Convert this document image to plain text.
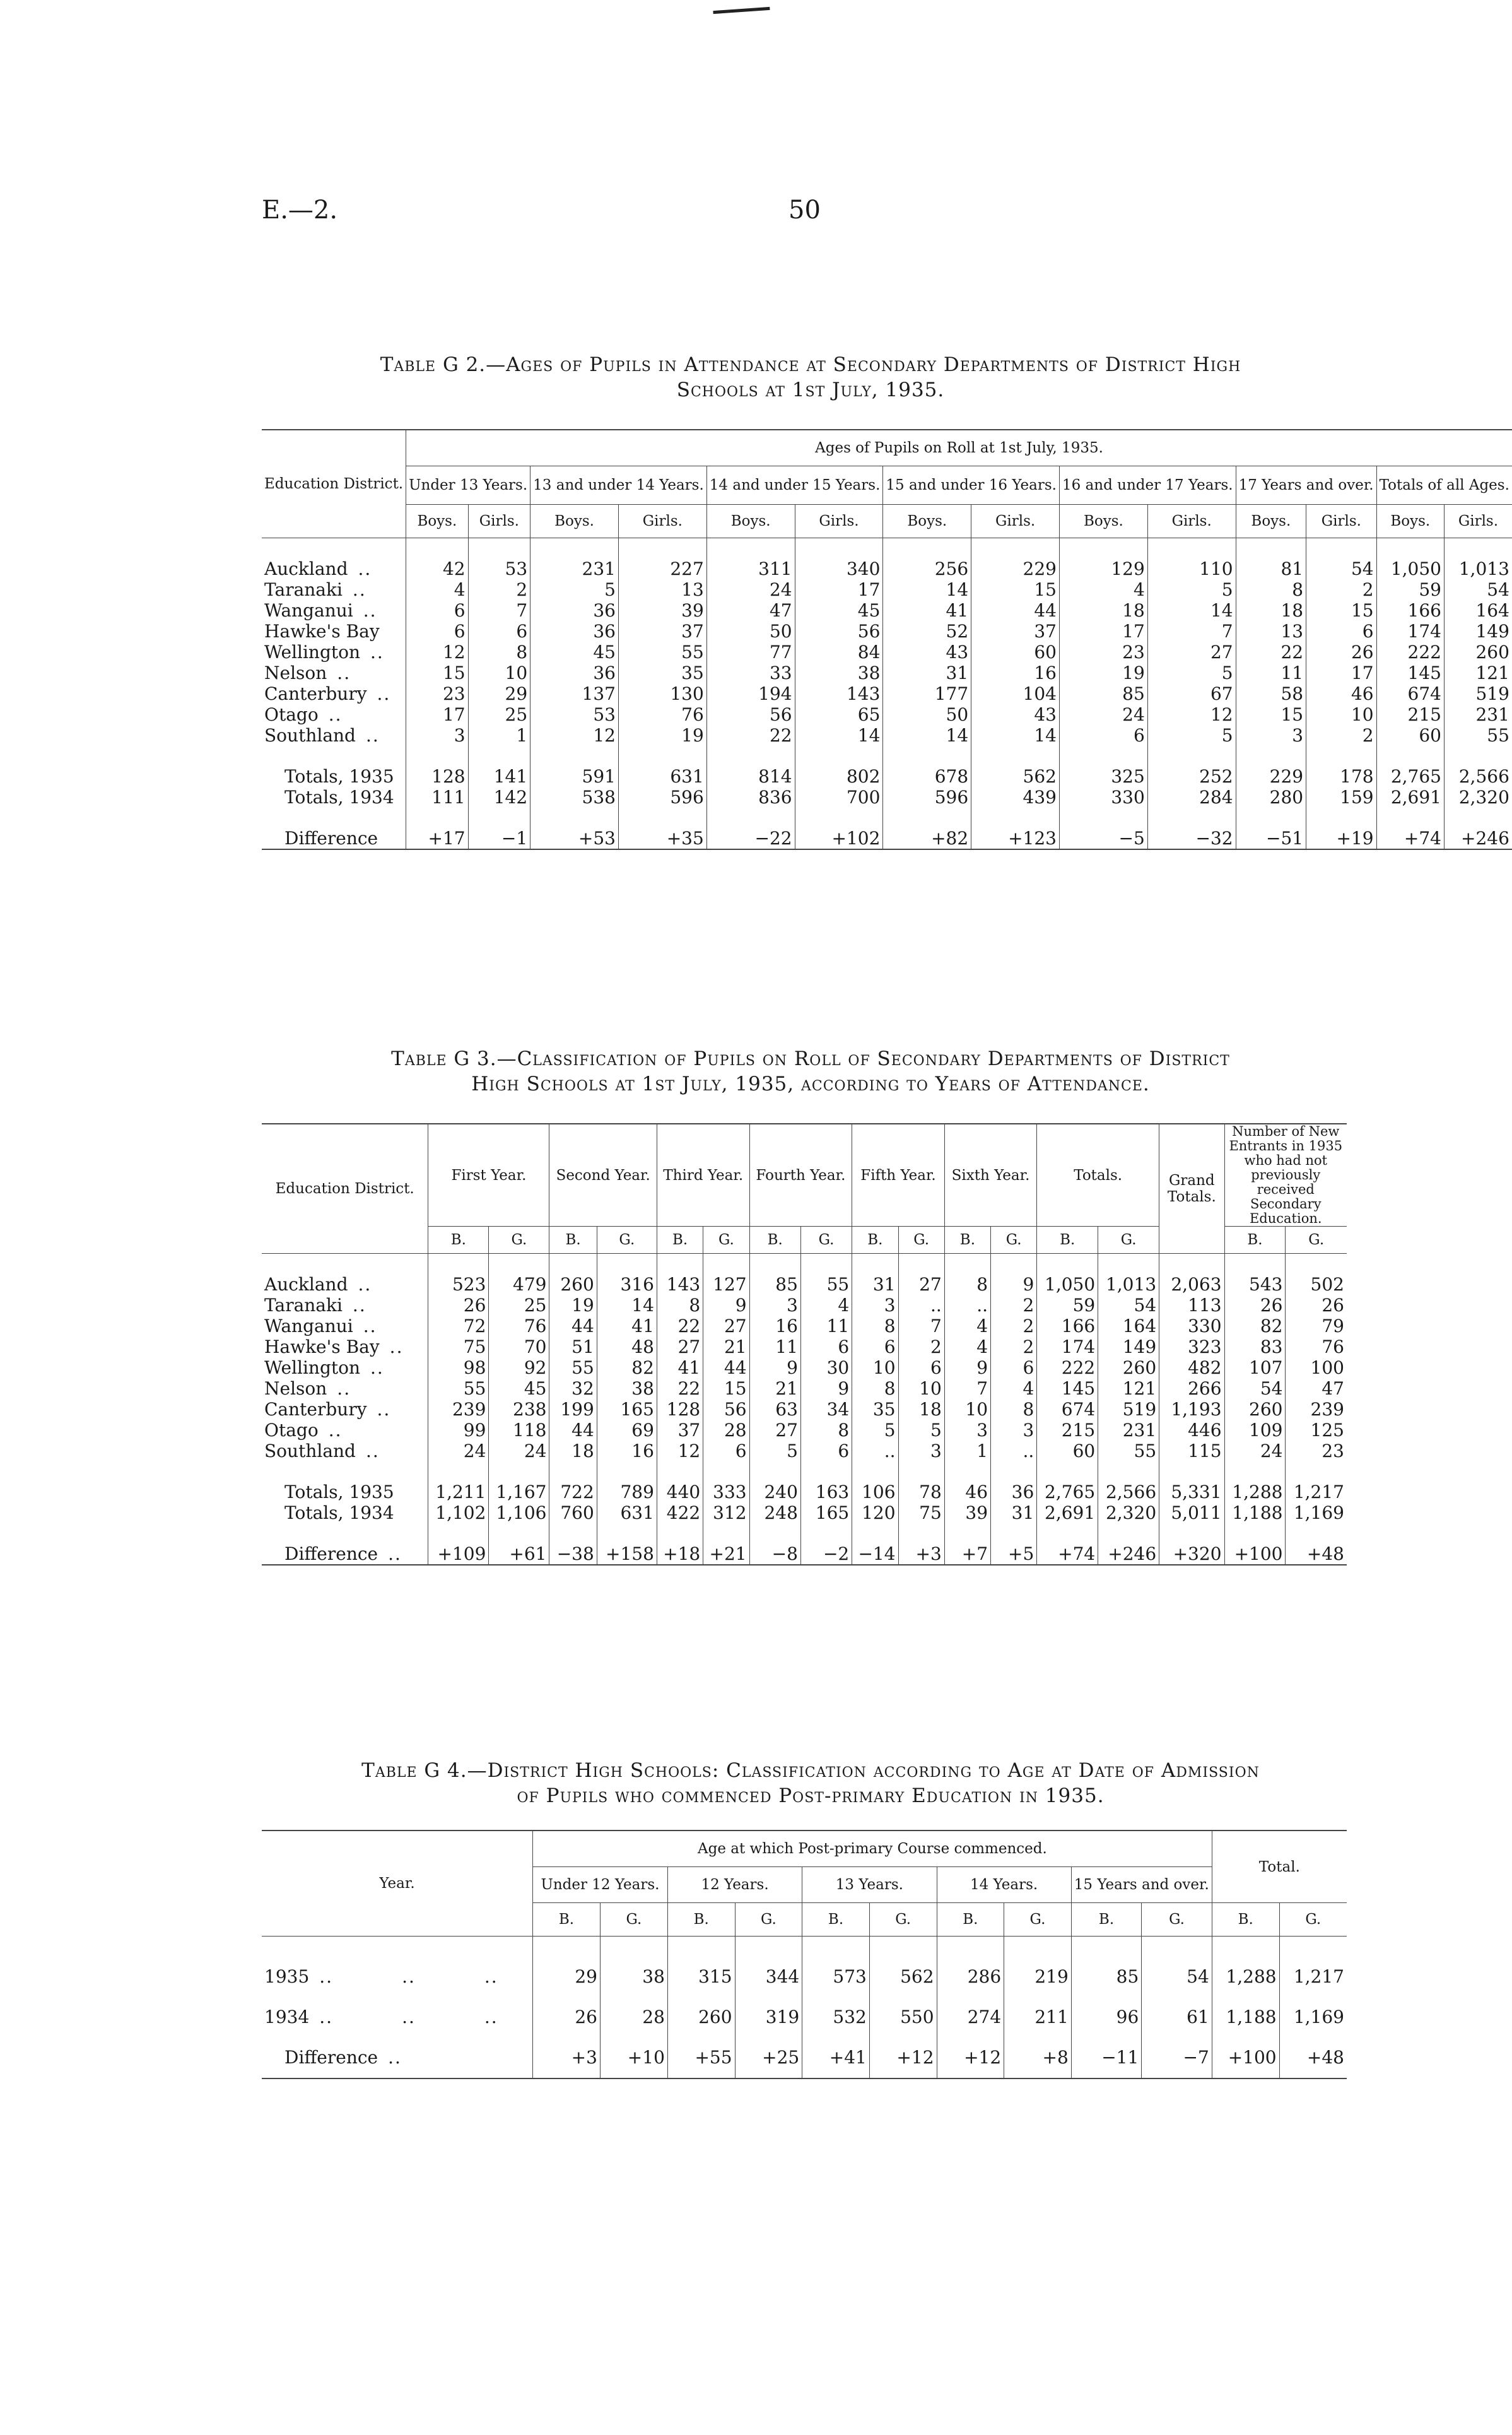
E.—2.	50
Table G 2.—Ages of Pupils in Attendance at Secondary Departments of District High
Schools at 1st July, 1935.
Education District.	Ages of Pupils on Roll at 1st July, 1935.													
	Under 13 Years.		13 and under 14 Years.		14 and under 15 Years.		15 and under 16 Years.		16 and under 17 Years.		17 Years and over.		Totals of all Ages.	
	Boys.	Girls.	Boys.	Girls.	Boys.	Girls.	Boys.	Girls.	Boys.	Girls.	Boys.	Girls.	Boys.	Girls.

Auckland ..	42	53	231	227	311	340	256	229	129	110	81	54	1,050	1,013
Taranaki ..	4	2	5	13	24	17	14	15	4	5	8	2	59	54
Wanganui ..	6	7	36	39	47	45	41	44	18	14	18	15	166	164
Hawke's Bay	6	6	36	37	50	56	52	37	17	7	13	6	174	149
Wellington ..	12	8	45	55	77	84	43	60	23	27	22	26	222	260
Nelson ..	15	10	36	35	33	38	31	16	19	5	11	17	145	121
Canterbury ..	23	29	137	130	194	143	177	104	85	67	58	46	674	519
Otago ..	17	25	53	76	56	65	50	43	24	12	15	10	215	231
Southland ..	3	1	12	19	22	14	14	14	6	5	3	2	60	55

Totals, 1935	128	141	591	631	814	802	678	562	325	252	229	178	2,765	2,566
Totals, 1934	111	142	538	596	836	700	596	439	330	284	280	159	2,691	2,320

Difference	+17	−1	+53	+35	−22	+102	+82	+123	−5	−32	−51	+19	+74	+246
Table G 3.—Classification of Pupils on Roll of Secondary Departments of District
High Schools at 1st July, 1935, according to Years of Attendance.
Education District.	First Year.		Second Year.		Third Year.		Fourth Year.		Fifth Year.		Sixth Year.		Totals.		Grand Totals.	Number of New Entrants in 1935 who had not previously received Secondary Education.	
	B.	G.	B.	G.	B.	G.	B.	G.	B.	G.	B.	G.	B.	G.		B.	G.

Auckland ..	523	479	260	316	143	127	85	55	31	27	8	9	1,050	1,013	2,063	543	502
Taranaki ..	26	25	19	14	8	9	3	4	3	..	..	2	59	54	113	26	26
Wanganui ..	72	76	44	41	22	27	16	11	8	7	4	2	166	164	330	82	79
Hawke's Bay ..	75	70	51	48	27	21	11	6	6	2	4	2	174	149	323	83	76
Wellington ..	98	92	55	82	41	44	9	30	10	6	9	6	222	260	482	107	100
Nelson ..	55	45	32	38	22	15	21	9	8	10	7	4	145	121	266	54	47
Canterbury ..	239	238	199	165	128	56	63	34	35	18	10	8	674	519	1,193	260	239
Otago ..	99	118	44	69	37	28	27	8	5	5	3	3	215	231	446	109	125
Southland ..	24	24	18	16	12	6	5	6	..	3	1	..	60	55	115	24	23

Totals, 1935	1,211	1,167	722	789	440	333	240	163	106	78	46	36	2,765	2,566	5,331	1,288	1,217
Totals, 1934	1,102	1,106	760	631	422	312	248	165	120	75	39	31	2,691	2,320	5,011	1,188	1,169

Difference ..	+109	+61	−38	+158	+18	+21	−8	−2	−14	+3	+7	+5	+74	+246	+320	+100	+48
Table G 4.—District High Schools: Classification according to Age at Date of Admission
of Pupils who commenced Post-primary Education in 1935.
Year.	Age at which Post-primary Course commenced.										Total.	
	Under 12 Years.		12 Years.		13 Years.		14 Years.		15 Years and over.			
	B.	G.	B.	G.	B.	G.	B.	G.	B.	G.	B.	G.

1935 ..          ..          ..	29	38	315	344	573	562	286	219	85	54	1,288	1,217
1934 ..          ..          ..	26	28	260	319	532	550	274	211	96	61	1,188	1,169
Difference ..	+3	+10	+55	+25	+41	+12	+12	+8	−11	−7	+100	+48
